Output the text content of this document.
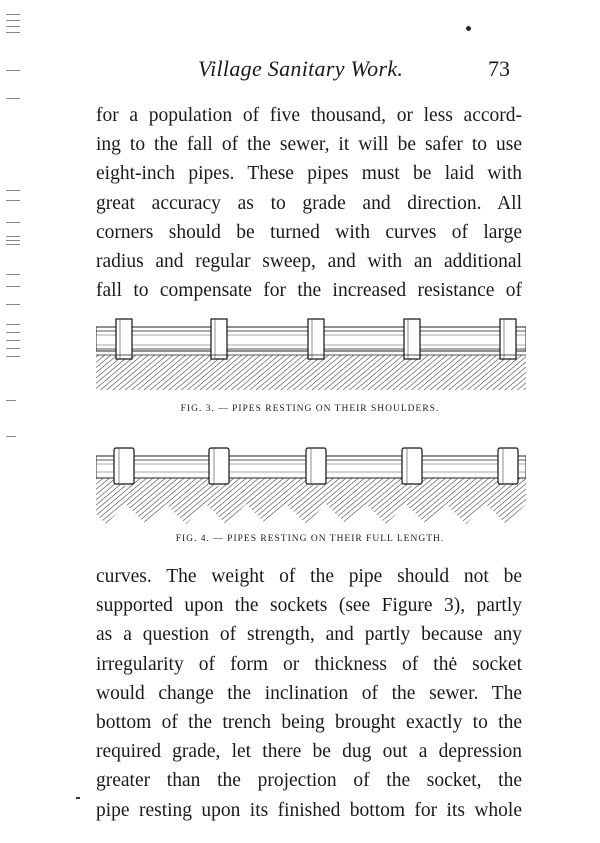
Village Sanitary Work.	73
for a population of five thousand, or less accord-
ing to the fall of the sewer, it will be safer to use
eight-inch pipes. These pipes must be laid with
great accuracy as to grade and direction. All
corners should be turned with curves of large
radius and regular sweep, and with an additional
fall to compensate for the increased resistance of
FIG. 3. — PIPES RESTING ON THEIR SHOULDERS.
FIG. 4. — PIPES RESTING ON THEIR FULL LENGTH.
curves. The weight of the pipe should not be
supported upon the sockets (see Figure 3), partly
as a question of strength, and partly because any
irregularity of form or thickness of thė socket
would change the inclination of the sewer. The
bottom of the trench being brought exactly to the
required grade, let there be dug out a depression
greater than the projection of the socket, the
pipe resting upon its finished bottom for its whole
